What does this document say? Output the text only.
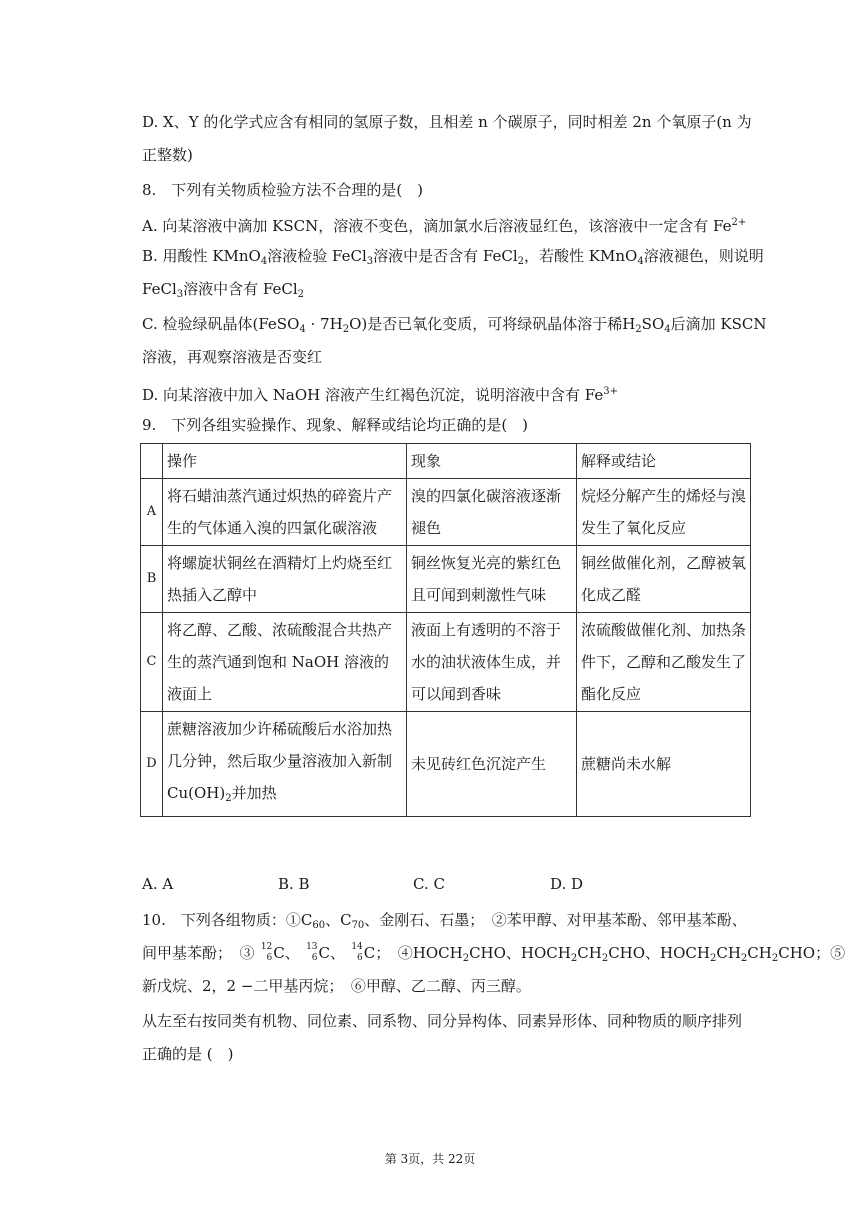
D. X、Y 的化学式应含有相同的氢原子数，且相差 n 个碳原子，同时相差 2n 个氧原子(n 为
正整数)
8.　下列有关物质检验方法不合理的是(　)
A. 向某溶液中滴加 KSCN，溶液不变色，滴加氯水后溶液显红色，该溶液中一定含有 $Fe^{2+}$
B. 用酸性 KMnO$_4$溶液检验 FeCl$_3$溶液中是否含有 FeCl$_2$，若酸性 KMnO$_4$溶液褪色，则说明
FeCl$_3$溶液中含有 FeCl$_2$
C. 检验绿矾晶体(FeSO$_4$ · $7H_2O$)是否已氧化变质，可将绿矾晶体溶于稀$H_2SO_4$后滴加 KSCN
溶液，再观察溶液是否变红
D. 向某溶液中加入 NaOH 溶液产生红褐色沉淀，说明溶液中含有 $Fe^{3+}$
9.　下列各组实验操作、现象、解释或结论均正确的是(　)
	操作	现象	解释或结论
A	将石蜡油蒸汽通过炽热的碎瓷片产生的气体通入溴的四氯化碳溶液	溴的四氯化碳溶液逐渐褪色	烷烃分解产生的烯烃与溴发生了氧化反应
B	将螺旋状铜丝在酒精灯上灼烧至红热插入乙醇中	铜丝恢复光亮的紫红色且可闻到刺激性气味	铜丝做催化剂，乙醇被氧化成乙醛
C	将乙醇、乙酸、浓硫酸混合共热产生的蒸汽通到饱和 NaOH 溶液的液面上	液面上有透明的不溶于水的油状液体生成，并可以闻到香味	浓硫酸做催化剂、加热条件下，乙醇和乙酸发生了酯化反应
D	蔗糖溶液加少许稀硫酸后水浴加热几分钟，然后取少量溶液加入新制 $Cu(OH)_2$并加热	未见砖红色沉淀产生	蔗糖尚未水解
A. A	B. B	C. C	D. D
10.　下列各组物质：$①C_{60}$、$C_{70}$、金刚石、石墨；　②苯甲醇、对甲基苯酚、邻甲基苯酚、
间甲基苯酚；　③ 12
6 C、 13
6 C、 14
6 C；　$④HOCH_2CHO$、$HOCH_2CH_2CHO$、$HOCH_2CH_2CH_2CHO$；⑤
新戊烷、2，2 −二甲基丙烷；　⑥甲醇、乙二醇、丙三醇。
从左至右按同类有机物、同位素、同系物、同分异构体、同素异形体、同种物质的顺序排列
正确的是 (　)
第 3页，共 22页
